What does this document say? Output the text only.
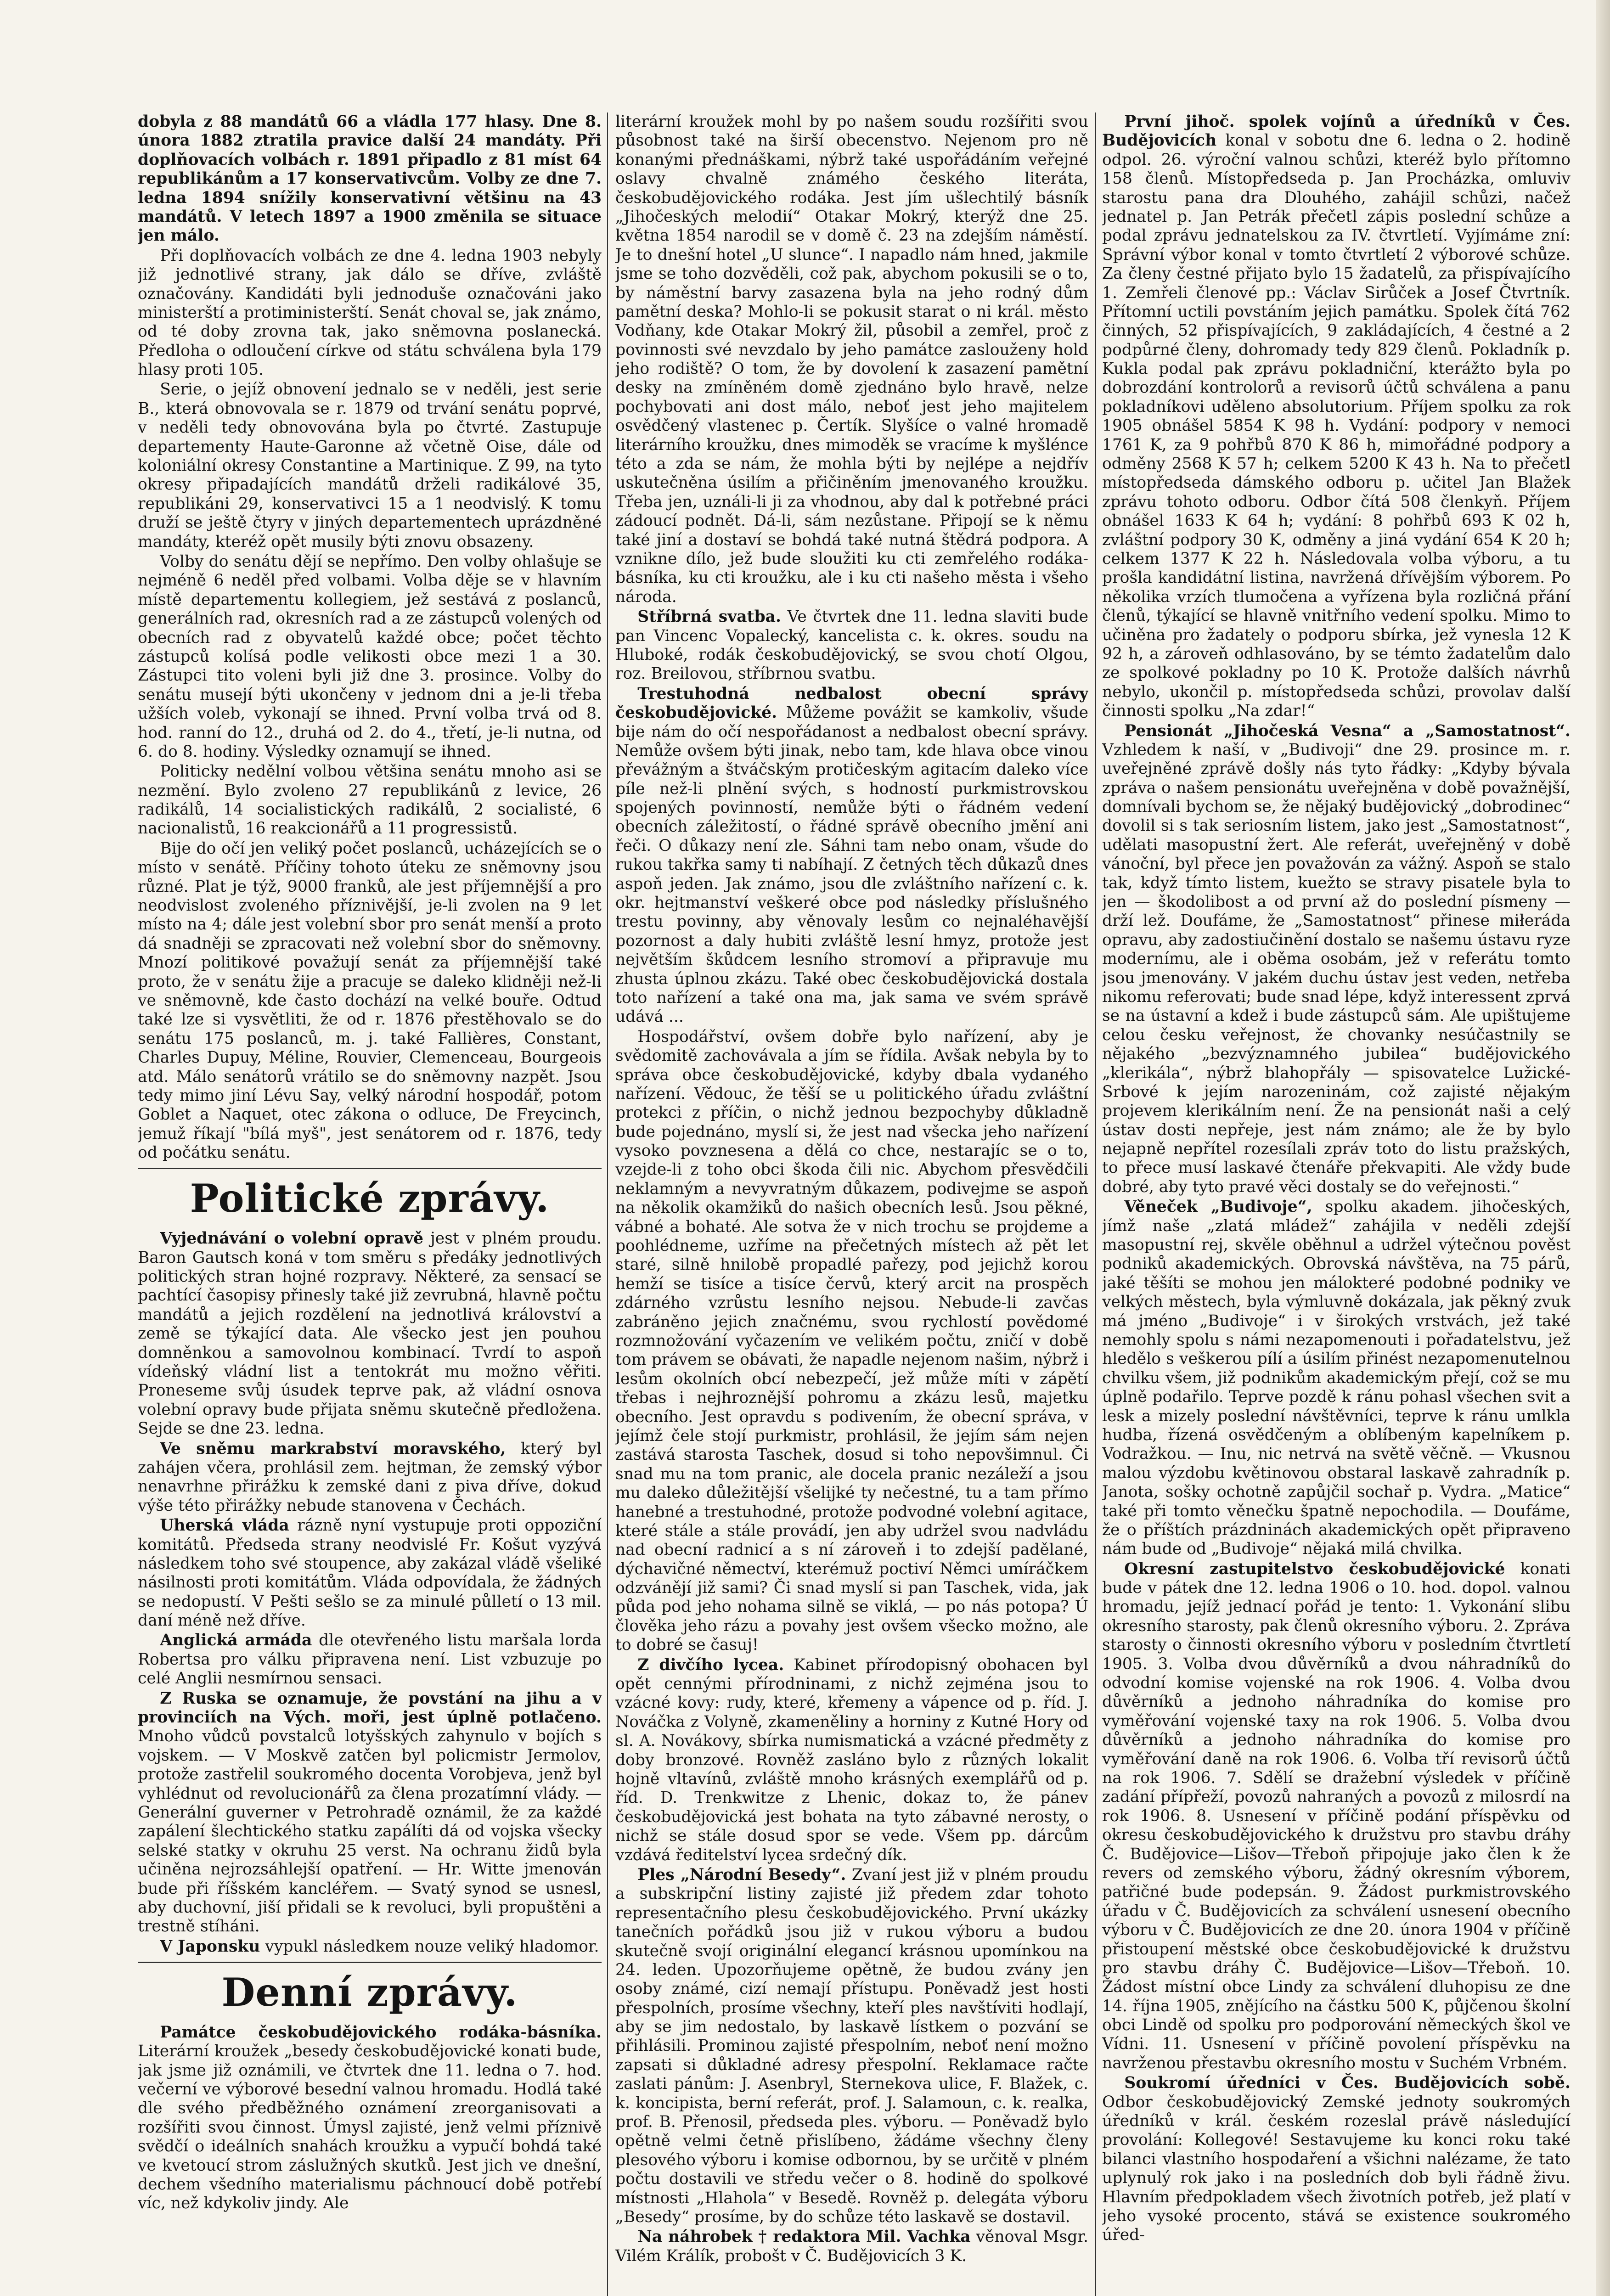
dobyla z 88 mandátů 66 a vládla 177 hlasy. Dne 8. února 1882 ztratila pravice další 24 mandáty. Při doplňovacích volbách r. 1891 připadlo z 81 míst 64 republikánům a 17 konservativcům. Volby ze dne 7. ledna 1894 snížily konservativní většinu na 43 mandátů. V letech 1897 a 1900 změnila se situace jen málo.

Při doplňovacích volbách ze dne 4. ledna 1903 nebyly již jednotlivé strany, jak dálo se dříve, zvláště označovány. Kandidáti byli jednoduše označováni jako ministerští a protiministerští. Senát choval se, jak známo, od té doby zrovna tak, jako sněmovna poslanecká. Předloha o odloučení církve od státu schválena byla 179 hlasy proti 105.

Serie, o jejíž obnovení jednalo se v neděli, jest serie B., která obnovovala se r. 1879 od trvání senátu poprvé, v neděli tedy obnovována byla po čtvrté. Zastupuje departementy Haute-Garonne až včetně Oise, dále od koloniální okresy Constantine a Martinique. Z 99, na tyto okresy připadajících mandátů drželi radikálové 35, republikáni 29, konservativci 15 a 1 neodvislý. K tomu druží se ještě čtyry v jiných departementech uprázdněné mandáty, kteréž opět musily býti znovu obsazeny.

Volby do senátu dějí se nepřímo. Den volby ohlašuje se nejméně 6 neděl před volbami. Volba děje se v hlavním místě departementu kollegiem, jež sestává z poslanců, generálních rad, okresních rad a ze zástupců volených od obecních rad z obyvatelů každé obce; počet těchto zástupců kolísá podle velikosti obce mezi 1 a 30. Zástupci tito voleni byli již dne 3. prosince. Volby do senátu musejí býti ukončeny v jednom dni a je-li třeba užších voleb, vykonají se ihned. První volba trvá od 8. hod. ranní do 12., druhá od 2. do 4., třetí, je-li nutna, od 6. do 8. hodiny. Výsledky oznamují se ihned.

Politicky nedělní volbou většina senátu mnoho asi se nezmění. Bylo zvoleno 27 republikánů z levice, 26 radikálů, 14 socialistických radikálů, 2 socialisté, 6 nacionalistů, 16 reakcionářů a 11 progressistů.

Bije do očí jen veliký počet poslanců, ucházejících se o místo v senátě. Příčiny tohoto úteku ze sněmovny jsou různé. Plat je týž, 9000 franků, ale jest příjemnější a pro neodvislost zvoleného příznivější, je-li zvolen na 9 let místo na 4; dále jest volební sbor pro senát menší a proto dá snadněji se zpracovati než volební sbor do sněmovny. Mnozí politikové považují senát za příjemnější také proto, že v senátu žije a pracuje se daleko klidněji než-li ve sněmovně, kde často dochází na velké bouře. Odtud také lze si vysvětliti, že od r. 1876 přestěhovalo se do senátu 175 poslanců, m. j. také Fallières, Constant, Charles Dupuy, Méline, Rouvier, Clemenceau, Bourgeois atd. Málo senátorů vrátilo se do sněmovny nazpět. Jsou tedy mimo jiní Lévu Say, velký národní hospodář, potom Goblet a Naquet, otec zákona o odluce, De Freycinch, jemuž říkají "bílá myš", jest senátorem od r. 1876, tedy od počátku senátu.

Politické zprávy.

Vyjednávání o volební opravě jest v plném proudu. Baron Gautsch koná v tom směru s předáky jednotlivých politických stran hojné rozpravy. Některé, za sensací se pachtící časopisy přinesly také již zevrubná, hlavně počtu mandátů a jejich rozdělení na jednotlivá království a země se týkající data. Ale všecko jest jen pouhou domněnkou a samovolnou kombinací. Tvrdí to aspoň vídeňský vládní list a tentokrát mu možno věřiti. Proneseme svůj úsudek teprve pak, až vládní osnova volební opravy bude přijata sněmu skutečně předložena. Sejde se dne 23. ledna.

Ve sněmu markrabství moravského, který byl zahájen včera, prohlásil zem. hejtman, že zemský výbor nenavrhne přirážku k zemské dani z piva dříve, dokud výše této přirážky nebude stanovena v Čechách.

Uherská vláda rázně nyní vystupuje proti oppoziční komitátů. Předseda strany neodvislé Fr. Košut vyzývá následkem toho své stoupence, aby zakázal vládě všeliké násilnosti proti komitátům. Vláda odpovídala, že žádných se nedopustí. V Pešti sešlo se za minulé půlletí o 13 mil. daní méně než dříve.

Anglická armáda dle otevřeného listu maršala lorda Robertsa pro válku připravena není. List vzbuzuje po celé Anglii nesmírnou sensaci.

Z Ruska se oznamuje, že povstání na jihu a v provinciích na Vých. moři, jest úplně potlačeno. Mnoho vůdců povstalců lotyšských zahynulo v bojích s vojskem. — V Moskvě zatčen byl policmistr Jermolov, protože zastřelil soukromého docenta Vorobjeva, jenž byl vyhlédnut od revolucionářů za člena prozatímní vlády. — Generální guverner v Petrohradě oznámil, že za každé zapálení šlechtického statku zapálíti dá od vojska všecky selské statky v okruhu 25 verst. Na ochranu židů byla učiněna nejrozsáhlejší opatření. — Hr. Witte jmenován bude při říšském kancléřem. — Svatý synod se usnesl, aby duchovní, jiší přidali se k revoluci, byli propuštěni a trestně stíháni.

V Japonsku vypukl následkem nouze veliký hladomor.

Denní zprávy.

Památce českobudějovického rodáka-básníka. Literární kroužek „besedy českobudějovické konati bude, jak jsme již oznámili, ve čtvrtek dne 11. ledna o 7. hod. večerní ve výborové besední valnou hromadu. Hodlá také dle svého předběžného oznámení zreorganisovati a rozšířiti svou činnost. Úmysl zajisté, jenž velmi příznivě svědčí o ideálních snahách kroužku a vypučí bohdá také ve kvetoucí strom záslužných skutků. Jest jich ve dnešní, dechem všedního materialismu páchnoucí době potřebí víc, než kdykoliv jindy. Ale

literární kroužek mohl by po našem soudu rozšířiti svou působnost také na širší obecenstvo. Nejenom pro ně konanými přednáškami, nýbrž také uspořádáním veřejné oslavy chvalně známého českého literáta, českobudějovického rodáka. Jest jím ušlechtilý básník „Jihočeských melodií“ Otakar Mokrý, kterýž dne 25. května 1854 narodil se v domě č. 23 na zdejším náměstí. Je to dnešní hotel „U slunce“. I napadlo nám hned, jakmile jsme se toho dozvěděli, což pak, abychom pokusili se o to, by náměstní barvy zasazena byla na jeho rodný dům pamětní deska? Mohlo-li se pokusit starat o ni král. město Vodňany, kde Otakar Mokrý žil, působil a zemřel, proč z povinnosti své nevzdalo by jeho památce zaslouženy hold jeho rodiště? O tom, že by dovolení k zasazení pamětní desky na zmíněném domě zjednáno bylo hravě, nelze pochybovati ani dost málo, neboť jest jeho majitelem osvědčený vlastenec p. Čertík. Slyšíce o valné hromadě literárního kroužku, dnes mimoděk se vracíme k myšlénce této a zda se nám, že mohla býti by nejlépe a nejdřív uskutečněna úsilím a přičiněním jmenovaného kroužku. Třeba jen, uználi-li ji za vhodnou, aby dal k potřebné práci zádoucí podnět. Dá-li, sám nezůstane. Připojí se k němu také jiní a dostaví se bohdá také nutná štědrá podpora. A vznikne dílo, jež bude sloužiti ku cti zemřelého rodáka-básníka, ku cti kroužku, ale i ku cti našeho města i všeho národa.

Stříbrná svatba. Ve čtvrtek dne 11. ledna slaviti bude pan Vincenc Vopalecký, kancelista c. k. okres. soudu na Hluboké, rodák českobudějovický, se svou chotí Olgou, roz. Breilovou, stříbrnou svatbu.

Trestuhodná nedbalost obecní správy českobudějovické. Můžeme povážit se kamkoliv, všude bije nám do očí nespořádanost a nedbalost obecní správy. Nemůže ovšem býti jinak, nebo tam, kde hlava obce vinou převážným a štváčským protičeským agitacím daleko více píle než-li plnění svých, s hodností purkmistrovskou spojených povinností, nemůže býti o řádném vedení obecních záležitostí, o řádné správě obecního jmění ani řeči. O důkazy není zle. Sáhni tam nebo onam, všude do rukou takřka samy ti nabíhají. Z četných těch důkazů dnes aspoň jeden. Jak známo, jsou dle zvláštního nařízení c. k. okr. hejtmanství veškeré obce pod následky příslušného trestu povinny, aby věnovaly lesům co nejnaléhavější pozornost a daly hubiti zvláště lesní hmyz, protože jest největším škůdcem lesního stromoví a připravuje mu zhusta úplnou zkázu. Také obec českobudějovická dostala toto nařízení a také ona ma, jak sama ve svém správě udává ...

Hospodářství, ovšem dobře bylo nařízení, aby je svědomitě zachovávala a jím se řídila. Avšak nebyla by to správa obce českobudějovické, kdyby dbala vydaného nařízení. Vědouc, že těší se u politického úřadu zvláštní protekci z příčin, o nichž jednou bezpochyby důkladně bude pojednáno, myslí si, že jest nad všecka jeho nařízení vysoko povznesena a dělá co chce, nestarajíc se o to, vzejde-li z toho obci škoda čili nic. Abychom přesvědčili neklamným a nevyvratným důkazem, podivejme se aspoň na několik okamžiků do našich obecních lesů. Jsou pěkné, vábné a bohaté. Ale sotva že v nich trochu se projdeme a poohlédneme, uzříme na přečetných místech až pět let staré, silně hnilobě propadlé pařezy, pod jejichž korou hemží se tisíce a tisíce červů, který arcit na prospěch zdárného vzrůstu lesního nejsou. Nebude-li zavčas zabráněno jejich značnému, svou rychlostí povědomé rozmnožování vyčazením ve velikém počtu, zničí v době tom právem se obávati, že napadle nejenom našim, nýbrž i lesům okolních obcí nebezpečí, jež může míti v zápětí třebas i nejhroznější pohromu a zkázu lesů, majetku obecního. Jest opravdu s podivením, že obecní správa, v jejímž čele stojí purkmistr, prohlásil, že jejím sám nejen zastává starosta Taschek, dosud si toho nepovšimnul. Či snad mu na tom pranic, ale docela pranic nezáleží a jsou mu daleko důležitější všelijké ty nečestné, tu a tam přímo hanebné a trestuhodné, protože podvodné volební agitace, které stále a stále provádí, jen aby udržel svou nadvládu nad obecní radnicí a s ní zároveň i to zdejší padělané, dýchavičné němectví, kterémuž poctiví Němci umíráčkem odzvánějí již sami? Či snad myslí si pan Taschek, vida, jak půda pod jeho nohama silně se viklá, — po nás potopa? Ú člověka jeho rázu a povahy jest ovšem všecko možno, ale to dobré se časuj!

Z divčího lycea. Kabinet přírodopisný obohacen byl opět cennými přírodninami, z nichž zejména jsou to vzácné kovy: rudy, které, křemeny a vápence od p. říd. J. Nováčka z Volyně, zkameněliny a horniny z Kutné Hory od sl. A. Novákovy, sbírka numismatická a vzácné předměty z doby bronzové. Rovněž zasláno bylo z různých lokalit hojně vltavínů, zvláště mnoho krásných exemplářů od p. říd. D. Trenkwitze z Lhenic, dokaz to, že pánev českobudějovická jest bohata na tyto zábavné nerosty, o nichž se stále dosud spor se vede. Všem pp. dárcům vzdává ředitelství lycea srdečný dík.

Ples „Národní Besedy“. Zvaní jest již v plném proudu a subskripční listiny zajisté již předem zdar tohoto representačního plesu českobudějovického. První ukázky tanečních pořádků jsou již v rukou výboru a budou skutečně svojí originální elegancí krásnou upomínkou na 24. leden. Upozorňujeme opětně, že budou zvány jen osoby známé, cizí nemají přístupu. Poněvadž jest hosti přespolních, prosíme všechny, kteří ples navštíviti hodlají, aby se jim nedostalo, by laskavě lístkem o pozvání se přihlásili. Prominou zajisté přespolním, neboť není možno zapsati si důkladné adresy přespolní. Reklamace račte zaslati pánům: J. Asenbryl, Sternekova ulice, F. Blažek, c. k. koncipista, berní referát, prof. J. Salamoun, c. k. realka, prof. B. Přenosil, předseda ples. výboru. — Poněvadž bylo opětně velmi četně přislíbeno, žádáme všechny členy plesového výboru i komise odbornou, by se určitě v plném počtu dostavili ve středu večer o 8. hodině do spolkové místnosti „Hlahola“ v Besedě. Rovněž p. delegáta výboru „Besedy“ prosíme, by do schůze této laskavě se dostavil.

Na náhrobek † redaktora Mil. Vachka věnoval Msgr. Vilém Králík, probošt v Č. Budějovicích 3 K.

První jihoč. spolek vojínů a úředníků v Čes. Budějovicích konal v sobotu dne 6. ledna o 2. hodině odpol. 26. výroční valnou schůzi, kteréž bylo přítomno 158 členů. Místopředseda p. Jan Procházka, omluviv starostu pana dra Dlouhého, zahájil schůzi, načež jednatel p. Jan Petrák přečetl zápis poslední schůze a podal zprávu jednatelskou za IV. čtvrtletí. Vyjímáme zní: Správní výbor konal v tomto čtvrtletí 2 výborové schůze. Za členy čestné přijato bylo 15 žadatelů, za přispívajícího 1. Zemřeli členové pp.: Václav Sirůček a Josef Čtvrtník. Přítomní uctili povstáním jejich památku. Spolek čítá 762 činných, 52 přispívajících, 9 zakládajících, 4 čestné a 2 podpůrné členy, dohromady tedy 829 členů. Pokladník p. Kukla podal pak zprávu pokladniční, kterážto byla po dobrozdání kontrolorů a revisorů účtů schválena a panu pokladníkovi uděleno absolutorium. Příjem spolku za rok 1905 obnášel 5854 K 98 h. Vydání: podpory v nemoci 1761 K, za 9 pohřbů 870 K 86 h, mimořádné podpory a odměny 2568 K 57 h; celkem 5200 K 43 h. Na to přečetl místopředseda dámského odboru p. učitel Jan Blažek zprávu tohoto odboru. Odbor čítá 508 členkyň. Příjem obnášel 1633 K 64 h; vydání: 8 pohřbů 693 K 02 h, zvláštní podpory 30 K, odměny a jiná vydání 654 K 20 h; celkem 1377 K 22 h. Následovala volba výboru, a tu prošla kandidátní listina, navržená dřívějším výborem. Po několika vrzích tlumočena a vyřízena byla rozličná přání členů, týkající se hlavně vnitřního vedení spolku. Mimo to učiněna pro žadately o podporu sbírka, jež vynesla 12 K 92 h, a zároveň odhlasováno, by se témto žadatelům dalo ze spolkové pokladny po 10 K. Protože dalších návrhů nebylo, ukončil p. místopředseda schůzi, provolav další činnosti spolku „Na zdar!“

Pensionát „Jihočeská Vesna“ a „Samostatnost“. Vzhledem k naší, v „Budivoji“ dne 29. prosince m. r. uveřejněné zprávě došly nás tyto řádky: „Kdyby bývala zpráva o našem pensionátu uveřejněna v době považnější, domnívali bychom se, že nějaký budějovický „dobrodinec“ dovolil si s tak seriosním listem, jako jest „Samostatnost“, udělati masopustní žert. Ale referát, uveřejněný v době vánoční, byl přece jen považován za vážný. Aspoň se stalo tak, když tímto listem, kuežto se stravy pisatele byla to jen — škodolibost a od první až do poslední písmeny — drží lež. Doufáme, že „Samostatnost“ přinese miłerádа opravu, aby zadostiučinění dostalo se našemu ústavu ryze modernímu, ale i oběma osobám, jež v referátu tomto jsou jmenovány. V jakém duchu ústav jest veden, netřeba nikomu referovati; bude snad lépe, když interessent zprvá se na ústavní a kdež i bude zástupců sám. Ale upištujeme celou česku veřejnost, že chovanky nesúčastnily se nějakého „bezvýznamného jubilea“ budějovického „klerikála“, nýbrž blahopřály — spisovatelce Lužické-Srbové k jejím narozeninám, což zajisté nějakým projevem klerikálním není. Že na pensionát naši a celý ústav dosti nepřeje, jest nám známo; ale že by bylo nejapně nepřítel rozesílali zpráv toto do listu pražských, to přece musí laskavé čtenáře překvapiti. Ale vždy bude dobré, aby tyto pravé věci dostaly se do veřejnosti.“

Věneček „Budivoje“, spolku akadem. jihočeských, jímž naše „zlatá mládež“ zahájila v neděli zdejší masopustní rej, skvěle oběhnul a udržel výtečnou pověst podniků akademických. Obrovská návštěva, na 75 párů, jaké těšíti se mohou jen málokteré podobné podniky ve velkých městech, byla výmluvně dokázala, jak pěkný zvuk má jméno „Budivoje“ i v širokých vrstvách, jež také nemohly spolu s námi nezapomenouti i pořadatelstvu, jež hledělo s veškerou pílí a úsilím přinést nezapomenutelnou chvilku všem, již podnikům akademickým přejí, což se mu úplně podařilo. Teprve pozdě k ránu pohasl všechen svit a lesk a mizely poslední návštěvníci, teprve k ránu umlkla hudba, řízená osvědčeným a oblíbeným kapelníkem p. Vodražkou. — Inu, nic netrvá na světě věčně. — Vkusnou malou výzdobu květinovou obstaral laskavě zahradník p. Janota, sošky ochotně zapůjčil sochař p. Vydra. „Matice“ také při tomto věnečku špatně nepochodila. — Doufáme, že o příštích prázdninách akademických opět připraveno nám bude od „Budivoje“ nějaká milá chvilka.

Okresní zastupitelstvo českobudějovické konati bude v pátek dne 12. ledna 1906 o 10. hod. dopol. valnou hromadu, jejíž jednací pořád je tento: 1. Vykonání slibu okresního starosty, pak členů okresního výboru. 2. Zpráva starosty o činnosti okresního výboru v posledním čtvrtletí 1905. 3. Volba dvou důvěrníků a dvou náhradníků do odvodní komise vojenské na rok 1906. 4. Volba dvou důvěrníků a jednoho náhradníka do komise pro vyměřování vojenské taxy na rok 1906. 5. Volba dvou důvěrníků a jednoho náhradníka do komise pro vyměřování daně na rok 1906. 6. Volba tří revisorů účtů na rok 1906. 7. Sdělí se dražební výsledek v příčině zadání přípřeží, povozů nahraných a povozů z milosrdí na rok 1906. 8. Usnesení v příčině podání příspěvku od okresu českobudějovického k družstvu pro stavbu dráhy Č. Budějovice—Lišov—Třeboň připojuje jako člen k že revers od zemského výboru, žádný okresním výborem, patřičné bude podepsán. 9. Žádost purkmistrovského úřadu v Č. Budějovicích za schválení usnesení obecního výboru v Č. Budějovicích ze dne 20. února 1904 v příčině přistoupení městské obce českobudějovické k družstvu pro stavbu dráhy Č. Budějovice—Lišov—Třeboň. 10. Žádost místní obce Lindy za schválení dluhopisu ze dne 14. října 1905, znějícího na částku 500 K, půjčenou školní obci Lindě od spolku pro podporování německých škol ve Vídni. 11. Usnesení v příčině povolení příspěvku na navrženou přestavbu okresního mostu v Suchém Vrbném.

Soukromí úředníci v Čes. Budějovicích sobě. Odbor českobudějovický Zemské jednoty soukromých úředníků v král. českém rozeslal právě následující provolání: Kollegové! Sestavujeme ku konci roku také bilanci vlastního hospodaření a všichni nalézame, že tato uplynulý rok jako i na posledních dob byli řádně živu. Hlavním předpokladem všech životních potřeb, jež platí v jeho vysoké procento, stává se existence soukromého úřed-
